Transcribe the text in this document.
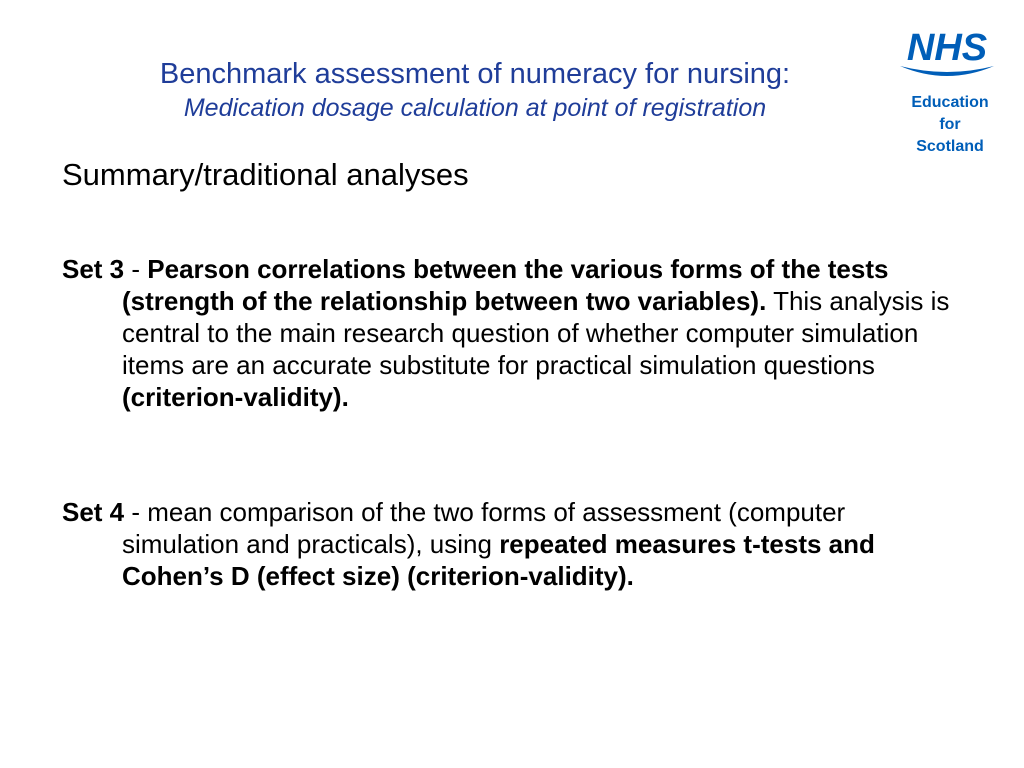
Benchmark assessment of numeracy for nursing:
Medication dosage calculation at point of registration
NHS
Education
for
Scotland
Summary/traditional analyses
Set 3 - Pearson correlations between the various forms of the tests (strength of the relationship between two variables). This analysis is central to the main research question of whether computer simulation items are an accurate substitute for practical simulation questions (criterion-validity).
Set 4 - mean comparison of the two forms of assessment (computer simulation and practicals), using repeated measures t-tests and Cohen’s D (effect size) (criterion-validity).
